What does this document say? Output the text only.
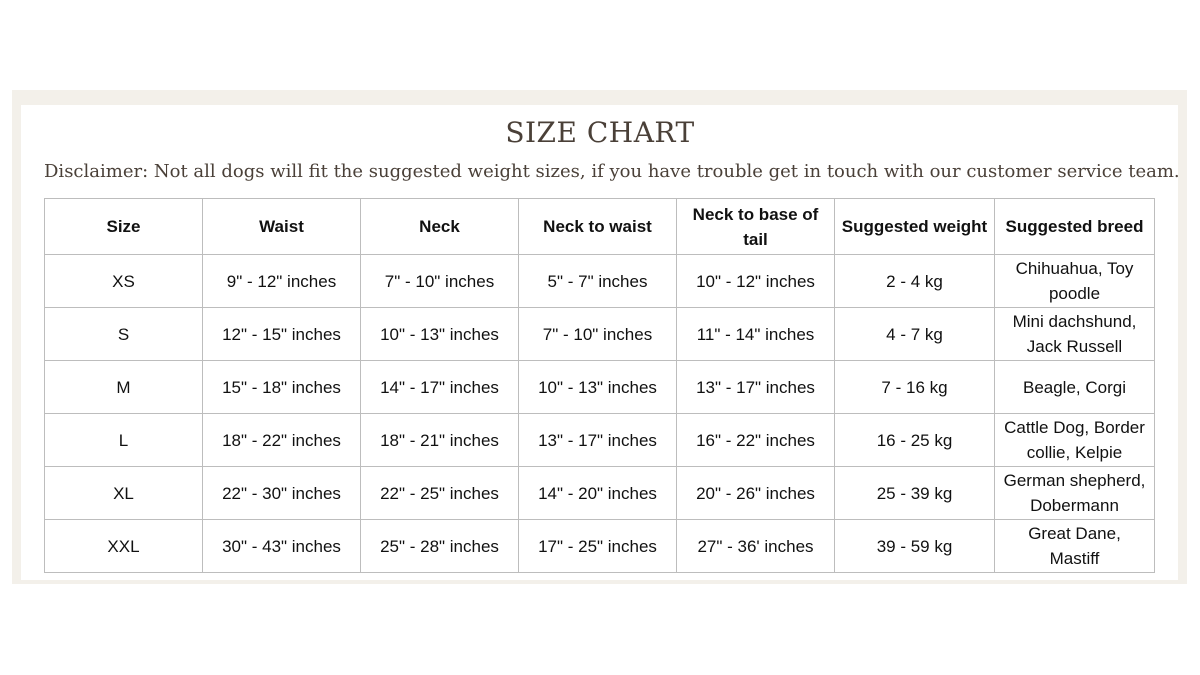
SIZE CHART
Disclaimer: Not all dogs will fit the suggested weight sizes, if you have trouble get in touch with our customer service team.
Size	Waist	Neck	Neck to waist	Neck to base of tail	Suggested weight	Suggested breed
XS	9" - 12" inches	7" - 10" inches	5" - 7" inches	10" - 12" inches	2 - 4 kg	Chihuahua, Toy poodle
S	12" - 15" inches	10" - 13" inches	7" - 10" inches	11" - 14" inches	4 - 7 kg	Mini dachshund, Jack Russell
M	15" - 18" inches	14" - 17" inches	10" - 13" inches	13" - 17" inches	7 - 16 kg	Beagle, Corgi
L	18" - 22" inches	18" - 21" inches	13" - 17" inches	16" - 22" inches	16 - 25 kg	Cattle Dog, Border collie, Kelpie
XL	22" - 30" inches	22" - 25" inches	14" - 20" inches	20" - 26" inches	25 - 39 kg	German shepherd, Dobermann
XXL	30" - 43" inches	25" - 28" inches	17" - 25" inches	27" - 36' inches	39 - 59 kg	Great Dane, Mastiff
